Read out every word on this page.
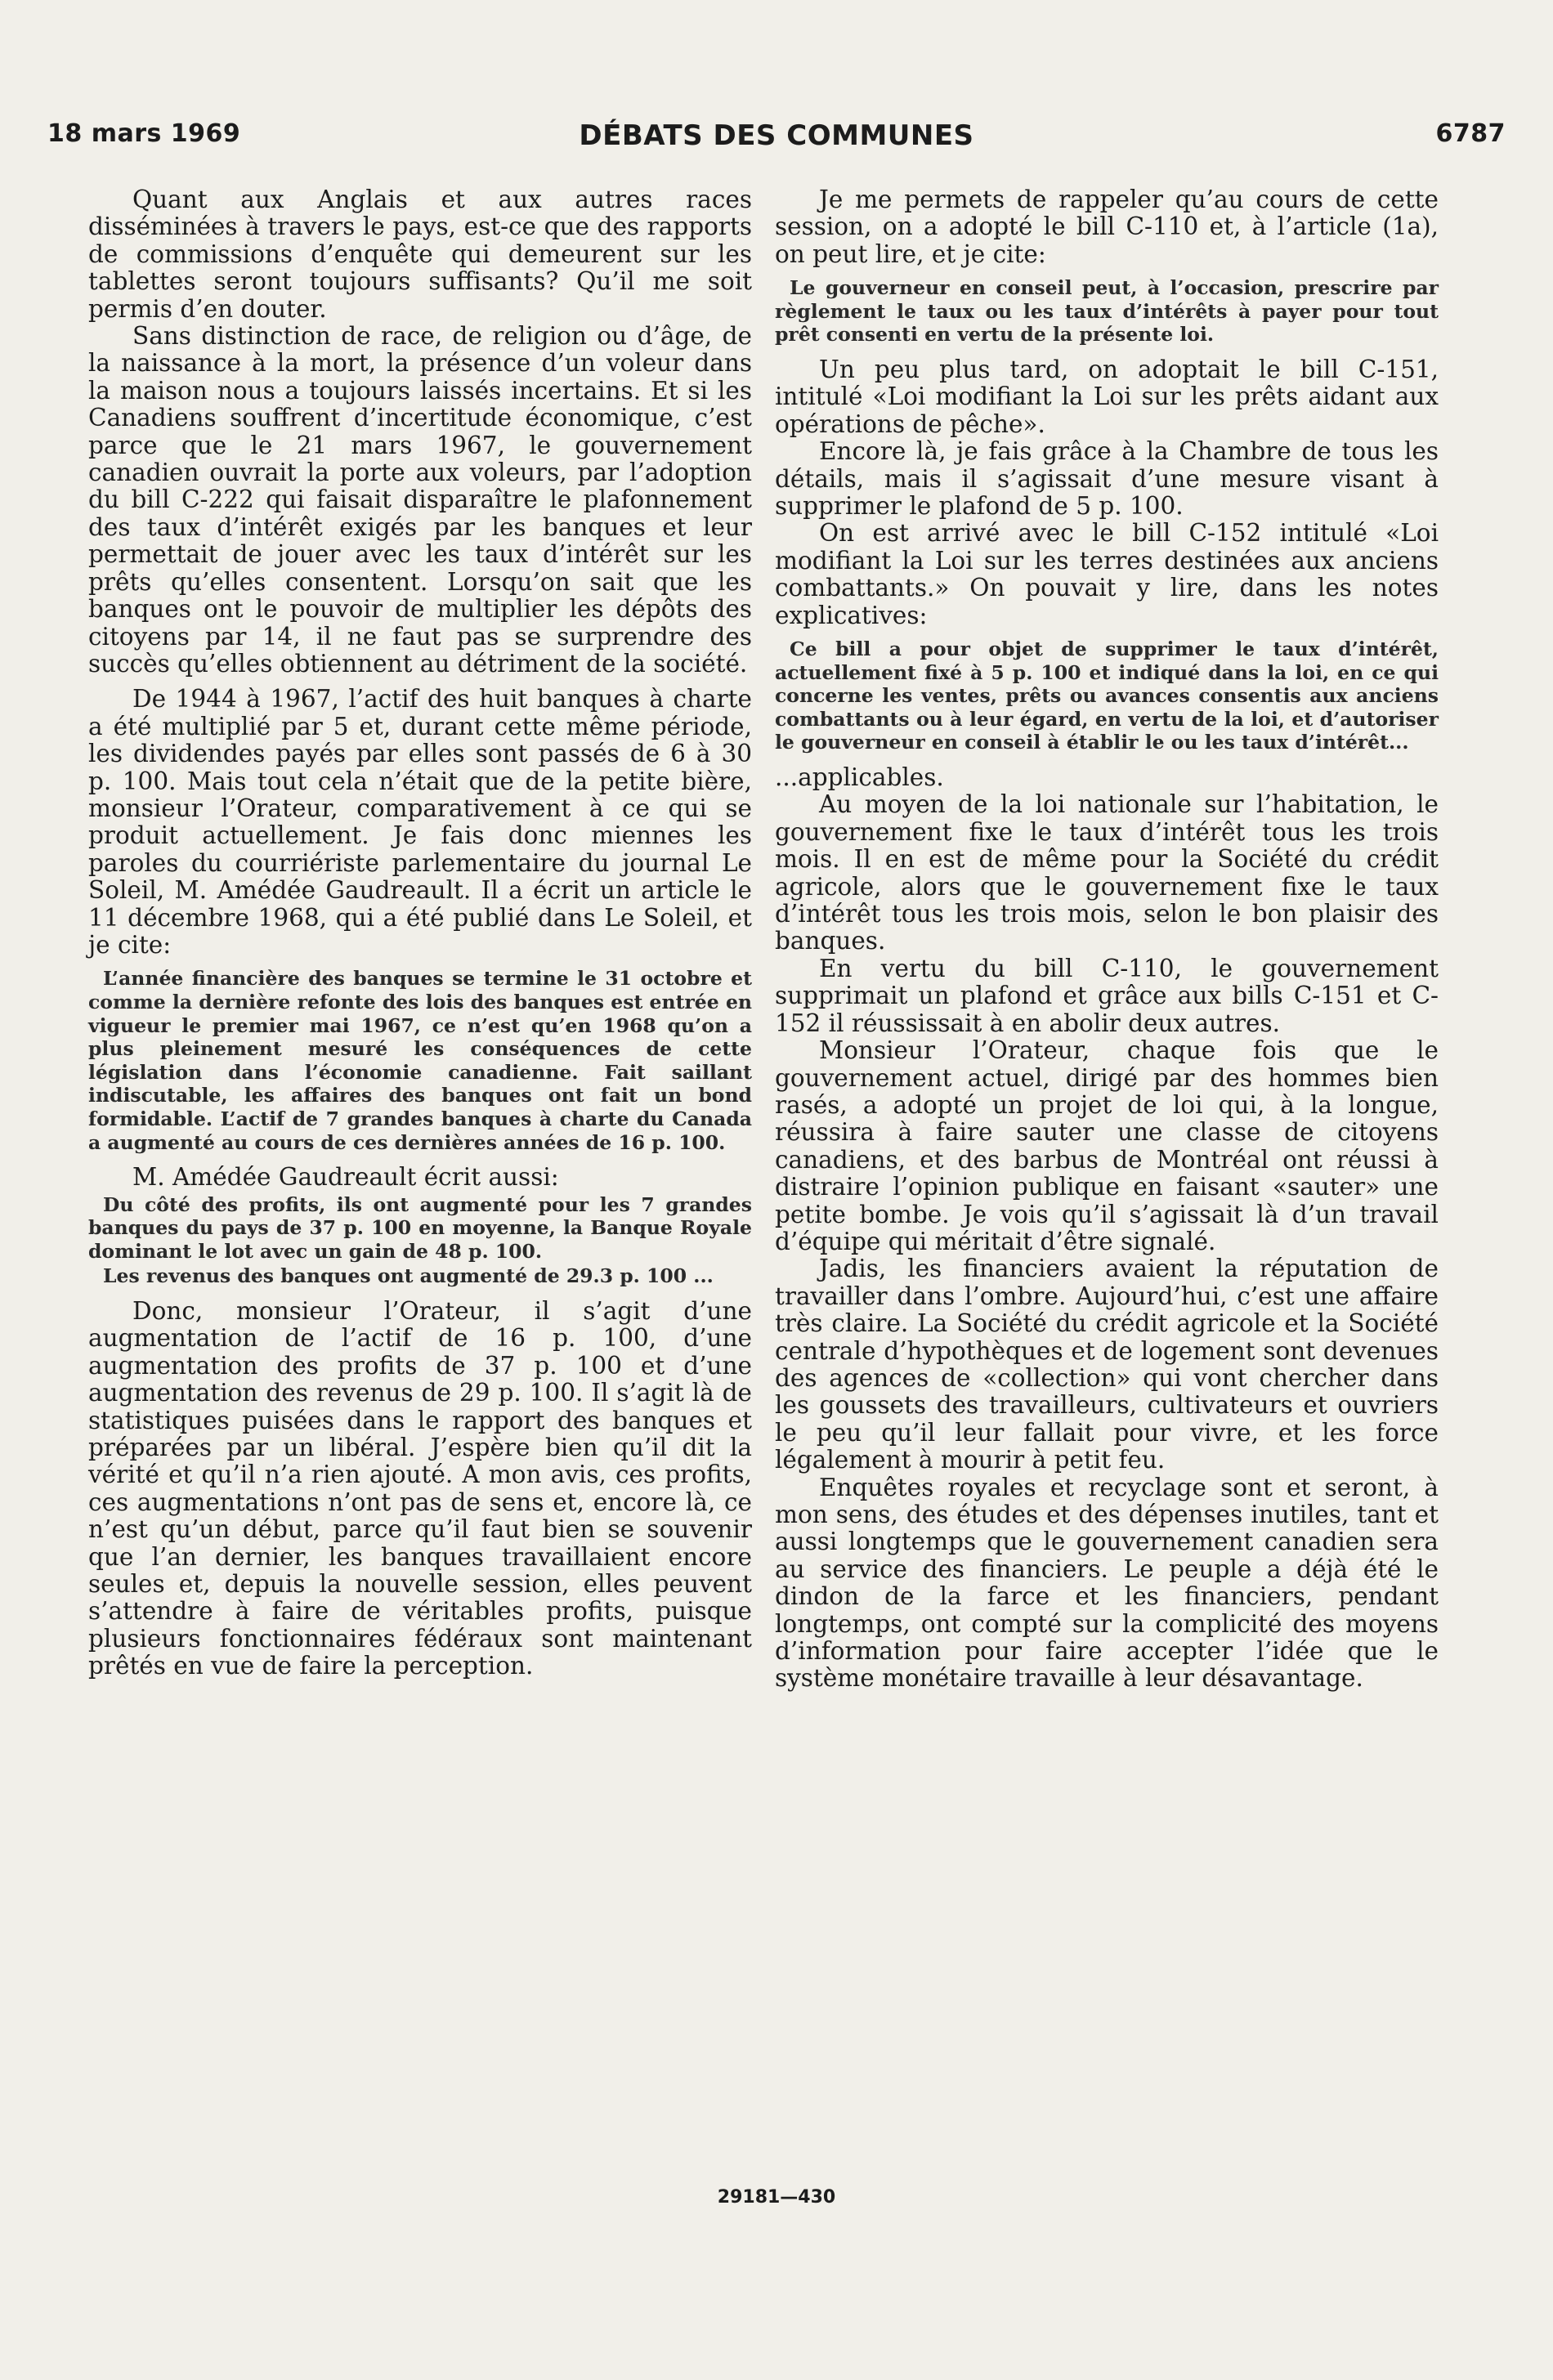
18 mars 1969	DÉBATS DES COMMUNES	6787

Quant aux Anglais et aux autres races disséminées à travers le pays, est-ce que des rapports de commissions d’enquête qui demeurent sur les tablettes seront toujours suffisants? Qu’il me soit permis d’en douter.

Sans distinction de race, de religion ou d’âge, de la naissance à la mort, la présence d’un voleur dans la maison nous a toujours laissés incertains. Et si les Canadiens souffrent d’incertitude économique, c’est parce que le 21 mars 1967, le gouvernement canadien ouvrait la porte aux voleurs, par l’adoption du bill C-222 qui faisait disparaître le plafonnement des taux d’intérêt exigés par les banques et leur permettait de jouer avec les taux d’intérêt sur les prêts qu’elles consentent. Lorsqu’on sait que les banques ont le pouvoir de multiplier les dépôts des citoyens par 14, il ne faut pas se surprendre des succès qu’elles obtiennent au détriment de la société.

De 1944 à 1967, l’actif des huit banques à charte a été multiplié par 5 et, durant cette même période, les dividendes payés par elles sont passés de 6 à 30 p. 100. Mais tout cela n’était que de la petite bière, monsieur l’Orateur, comparativement à ce qui se produit actuellement. Je fais donc miennes les paroles du courriériste parlementaire du journal Le Soleil, M. Amédée Gaudreault. Il a écrit un article le 11 décembre 1968, qui a été publié dans Le Soleil, et je cite:

L’année financière des banques se termine le 31 octobre et comme la dernière refonte des lois des banques est entrée en vigueur le premier mai 1967, ce n’est qu’en 1968 qu’on a plus pleinement mesuré les conséquences de cette législation dans l’économie canadienne. Fait saillant indiscutable, les affaires des banques ont fait un bond formidable. L’actif de 7 grandes banques à charte du Canada a augmenté au cours de ces dernières années de 16 p. 100.

M. Amédée Gaudreault écrit aussi:

Du côté des profits, ils ont augmenté pour les 7 grandes banques du pays de 37 p. 100 en moyenne, la Banque Royale dominant le lot avec un gain de 48 p. 100.

Les revenus des banques ont augmenté de 29.3 p. 100 ...

Donc, monsieur l’Orateur, il s’agit d’une augmentation de l’actif de 16 p. 100, d’une augmentation des profits de 37 p. 100 et d’une augmentation des revenus de 29 p. 100. Il s’agit là de statistiques puisées dans le rapport des banques et préparées par un libéral. J’espère bien qu’il dit la vérité et qu’il n’a rien ajouté. A mon avis, ces profits, ces augmentations n’ont pas de sens et, encore là, ce n’est qu’un début, parce qu’il faut bien se souvenir que l’an dernier, les banques travaillaient encore seules et, depuis la nouvelle session, elles peuvent s’attendre à faire de véritables profits, puisque plusieurs fonctionnaires fédéraux sont maintenant prêtés en vue de faire la perception.

Je me permets de rappeler qu’au cours de cette session, on a adopté le bill C-110 et, à l’article (1a), on peut lire, et je cite:

Le gouverneur en conseil peut, à l’occasion, prescrire par règlement le taux ou les taux d’intérêts à payer pour tout prêt consenti en vertu de la présente loi.

Un peu plus tard, on adoptait le bill C-151, intitulé «Loi modifiant la Loi sur les prêts aidant aux opérations de pêche».

Encore là, je fais grâce à la Chambre de tous les détails, mais il s’agissait d’une mesure visant à supprimer le plafond de 5 p. 100.

On est arrivé avec le bill C-152 intitulé «Loi modifiant la Loi sur les terres destinées aux anciens combattants.» On pouvait y lire, dans les notes explicatives:

Ce bill a pour objet de supprimer le taux d’intérêt, actuellement fixé à 5 p. 100 et indiqué dans la loi, en ce qui concerne les ventes, prêts ou avances consentis aux anciens combattants ou à leur égard, en vertu de la loi, et d’autoriser le gouverneur en conseil à établir le ou les taux d’intérêt...

...applicables.

Au moyen de la loi nationale sur l’habitation, le gouvernement fixe le taux d’intérêt tous les trois mois. Il en est de même pour la Société du crédit agricole, alors que le gouvernement fixe le taux d’intérêt tous les trois mois, selon le bon plaisir des banques.

En vertu du bill C-110, le gouvernement supprimait un plafond et grâce aux bills C-151 et C-152 il réussissait à en abolir deux autres.

Monsieur l’Orateur, chaque fois que le gouvernement actuel, dirigé par des hommes bien rasés, a adopté un projet de loi qui, à la longue, réussira à faire sauter une classe de citoyens canadiens, et des barbus de Montréal ont réussi à distraire l’opinion publique en faisant «sauter» une petite bombe. Je vois qu’il s’agissait là d’un travail d’équipe qui méritait d’être signalé.

Jadis, les financiers avaient la réputation de travailler dans l’ombre. Aujourd’hui, c’est une affaire très claire. La Société du crédit agricole et la Société centrale d’hypothèques et de logement sont devenues des agences de «collection» qui vont chercher dans les goussets des travailleurs, cultivateurs et ouvriers le peu qu’il leur fallait pour vivre, et les force légalement à mourir à petit feu.

Enquêtes royales et recyclage sont et seront, à mon sens, des études et des dépenses inutiles, tant et aussi longtemps que le gouvernement canadien sera au service des financiers. Le peuple a déjà été le dindon de la farce et les financiers, pendant longtemps, ont compté sur la complicité des moyens d’information pour faire accepter l’idée que le système monétaire travaille à leur désavantage.

29181—430
